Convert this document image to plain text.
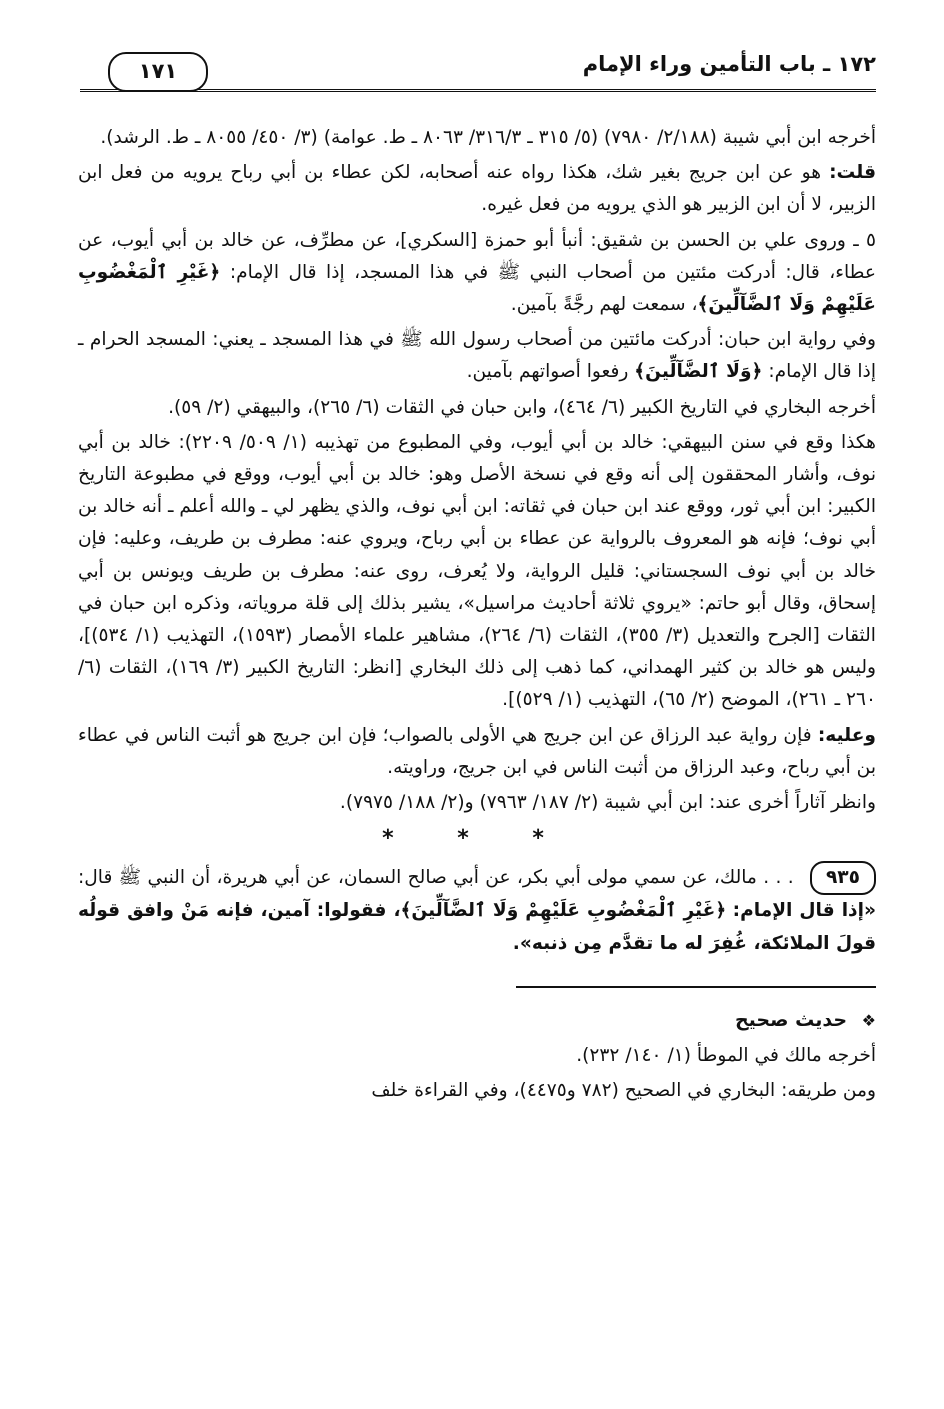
١٧٢ ـ باب التأمين وراء الإمام
١٧١

أخرجه ابن أبي شيبة (٢/١٨٨/ ٧٩٨٠) (٥/ ٣١٥ ـ ٣١٦/٣/ ٨٠٦٣ ـ ط. عوامة) (٣/ ٤٥٠/ ٨٠٥٥ ـ ط. الرشد).

قلت: هو عن ابن جريج بغير شك، هكذا رواه عنه أصحابه، لكن عطاء بن أبي رباح يرويه من فعل ابن الزبير، لا أن ابن الزبير هو الذي يرويه من فعل غيره.

٥ ـ وروى علي بن الحسن بن شقيق: أنبأ أبو حمزة [السكري]، عن مطرِّف، عن خالد بن أبي أيوب، عن عطاء، قال: أدركت مئتين من أصحاب النبي ﷺ في هذا المسجد، إذا قال الإمام: ﴿غَيْرِ ٱلْمَغْضُوبِ عَلَيْهِمْ وَلَا ٱلضَّآلِّينَ﴾، سمعت لهم رجَّةً بآمين.

وفي رواية ابن حبان: أدركت مائتين من أصحاب رسول الله ﷺ في هذا المسجد ـ يعني: المسجد الحرام ـ إذا قال الإمام: ﴿وَلَا ٱلضَّآلِّينَ﴾ رفعوا أصواتهم بآمين.

أخرجه البخاري في التاريخ الكبير (٦/ ٤٦٤)، وابن حبان في الثقات (٦/ ٢٦٥)، والبيهقي (٢/ ٥٩).

هكذا وقع في سنن البيهقي: خالد بن أبي أيوب، وفي المطبوع من تهذيبه (١/ ٥٠٩/ ٢٢٠٩): خالد بن أبي نوف، وأشار المحققون إلى أنه وقع في نسخة الأصل وهو: خالد بن أبي أيوب، ووقع في مطبوعة التاريخ الكبير: ابن أبي ثور، ووقع عند ابن حبان في ثقاته: ابن أبي نوف، والذي يظهر لي ـ والله أعلم ـ أنه خالد بن أبي نوف؛ فإنه هو المعروف بالرواية عن عطاء بن أبي رباح، ويروي عنه: مطرف بن طريف، وعليه: فإن خالد بن أبي نوف السجستاني: قليل الرواية، ولا يُعرف، روى عنه: مطرف بن طريف ويونس بن أبي إسحاق، وقال أبو حاتم: «يروي ثلاثة أحاديث مراسيل»، يشير بذلك إلى قلة مروياته، وذكره ابن حبان في الثقات [الجرح والتعديل (٣/ ٣٥٥)، الثقات (٦/ ٢٦٤)، مشاهير علماء الأمصار (١٥٩٣)، التهذيب (١/ ٥٣٤)]، وليس هو خالد بن كثير الهمداني، كما ذهب إلى ذلك البخاري [انظر: التاريخ الكبير (٣/ ١٦٩)، الثقات (٦/ ٢٦٠ ـ ٢٦١)، الموضح (٢/ ٦٥)، التهذيب (١/ ٥٢٩)].

وعليه: فإن رواية عبد الرزاق عن ابن جريج هي الأولى بالصواب؛ فإن ابن جريج هو أثبت الناس في عطاء بن أبي رباح، وعبد الرزاق من أثبت الناس في ابن جريج، وراويته.

وانظر آثاراً أخرى عند: ابن أبي شيبة (٢/ ١٨٧/ ٧٩٦٣) و(٢/ ١٨٨/ ٧٩٧٥).

* * *

٩٣٥ . . . مالك، عن سمي مولى أبي بكر، عن أبي صالح السمان، عن أبي هريرة، أن النبي ﷺ قال: «إذا قال الإمام: ﴿غَيْرِ ٱلْمَغْضُوبِ عَلَيْهِمْ وَلَا ٱلضَّآلِّينَ﴾، فقولوا: آمين، فإنه مَنْ وافق قولُه قولَ الملائكة، غُفِرَ له ما تقدَّم مِن ذنبه».

❖ حديث صحيح

أخرجه مالك في الموطأ (١/ ١٤٠/ ٢٣٢).

ومن طريقه: البخاري في الصحيح (٧٨٢ و٤٤٧٥)، وفي القراءة خلف
